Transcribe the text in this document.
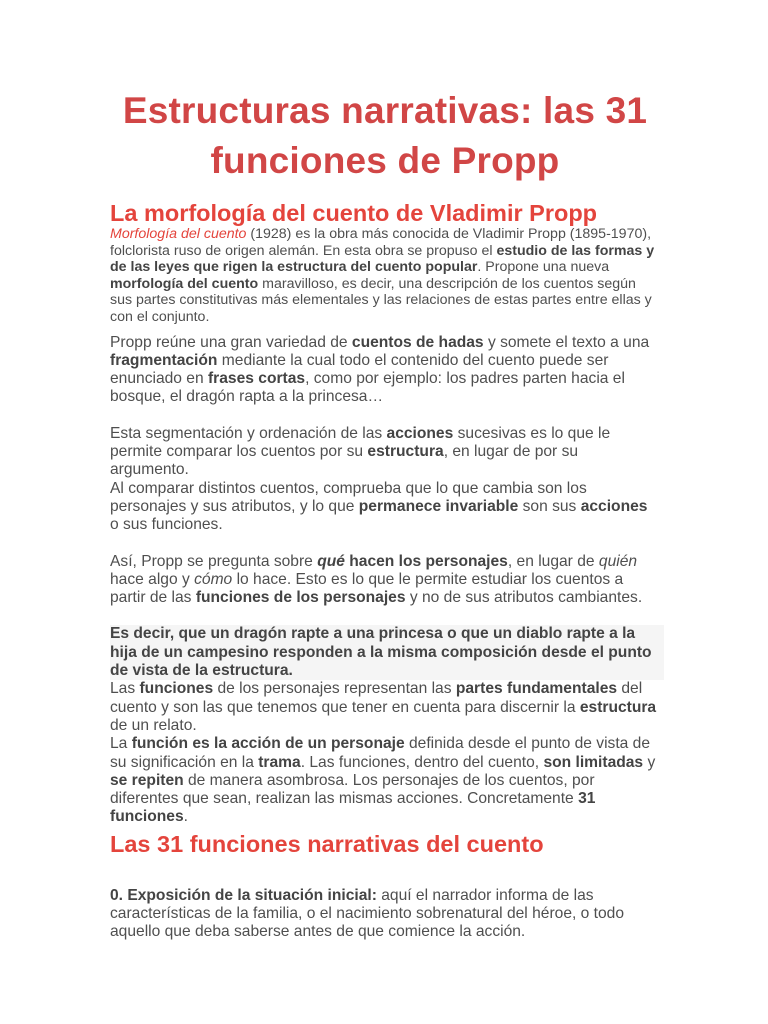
Estructuras narrativas: las 31 funciones de Propp
La morfología del cuento de Vladimir Propp

Morfología del cuento (1928) es la obra más conocida de Vladimir Propp (1895-1970), folclorista ruso de origen alemán. En esta obra se propuso el estudio de las formas y de las leyes que rigen la estructura del cuento popular. Propone una nueva morfología del cuento maravilloso, es decir, una descripción de los cuentos según sus partes constitutivas más elementales y las relaciones de estas partes entre ellas y con el conjunto.

Propp reúne una gran variedad de cuentos de hadas y somete el texto a una fragmentación mediante la cual todo el contenido del cuento puede ser enunciado en frases cortas, como por ejemplo: los padres parten hacia el bosque, el dragón rapta a la princesa…

Esta segmentación y ordenación de las acciones sucesivas es lo que le permite comparar los cuentos por su estructura, en lugar de por su argumento.

Al comparar distintos cuentos, comprueba que lo que cambia son los personajes y sus atributos, y lo que permanece invariable son sus acciones o sus funciones.

Así, Propp se pregunta sobre qué hacen los personajes, en lugar de quién hace algo y cómo lo hace. Esto es lo que le permite estudiar los cuentos a partir de las funciones de los personajes y no de sus atributos cambiantes.

Es decir, que un dragón rapte a una princesa o que un diablo rapte a la hija de un campesino responden a la misma composición desde el punto de vista de la estructura.

Las funciones de los personajes representan las partes fundamentales del cuento y son las que tenemos que tener en cuenta para discernir la estructura de un relato.

La función es la acción de un personaje definida desde el punto de vista de su significación en la trama. Las funciones, dentro del cuento, son limitadas y se repiten de manera asombrosa. Los personajes de los cuentos, por diferentes que sean, realizan las mismas acciones. Concretamente 31 funciones.

Las 31 funciones narrativas del cuento

0. Exposición de la situación inicial: aquí el narrador informa de las características de la familia, o el nacimiento sobrenatural del héroe, o todo aquello que deba saberse antes de que comience la acción.
